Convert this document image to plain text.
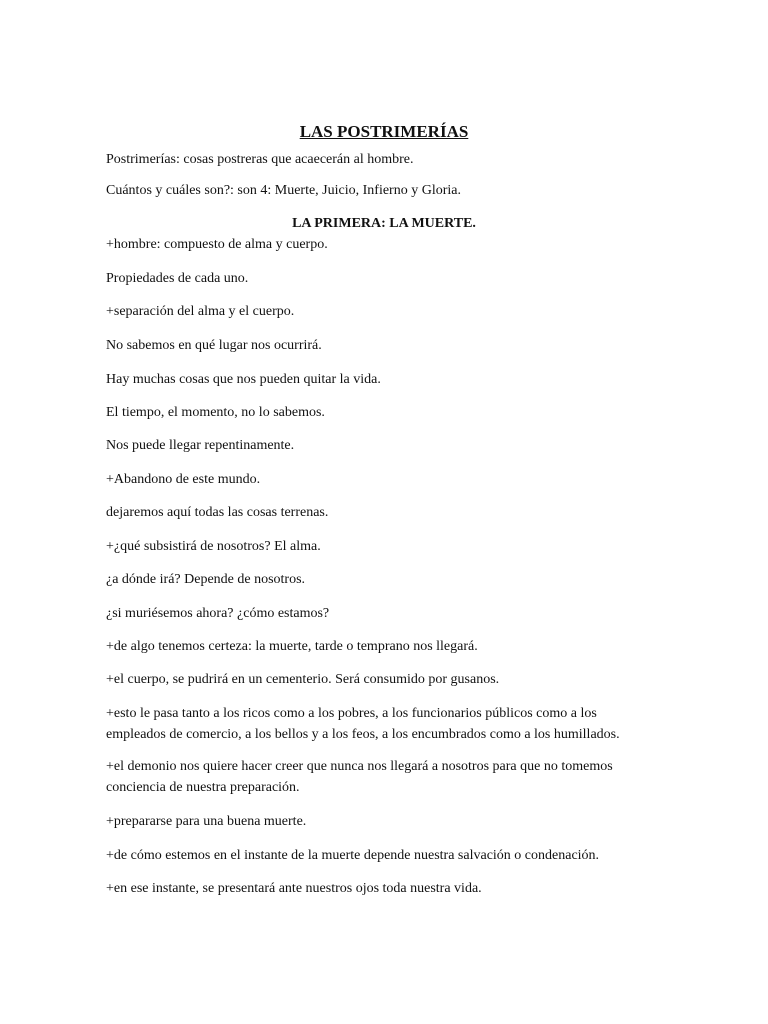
LAS POSTRIMERÍAS

Postrimerías: cosas postreras que acaecerán al hombre.

Cuántos y cuáles son?: son 4: Muerte, Juicio, Infierno y Gloria.

LA PRIMERA: LA MUERTE.

+hombre: compuesto de alma y cuerpo.

Propiedades de cada uno.

+separación del alma y el cuerpo.

No sabemos en qué lugar nos ocurrirá.

Hay muchas cosas que nos pueden quitar la vida.

El tiempo, el momento, no lo sabemos.

Nos puede llegar repentinamente.

+Abandono de este mundo.

dejaremos aquí todas las cosas terrenas.

+¿qué subsistirá de nosotros? El alma.

¿a dónde irá? Depende de nosotros.

¿si muriésemos ahora? ¿cómo estamos?

+de algo tenemos certeza: la muerte, tarde o temprano nos llegará.

+el cuerpo, se pudrirá en un cementerio. Será consumido por gusanos.

+esto le pasa tanto a los ricos como a los pobres, a los funcionarios públicos como a los
empleados de comercio, a los bellos y a los feos, a los encumbrados como a los humillados.

+el demonio nos quiere hacer creer que nunca nos llegará a nosotros para que no tomemos
conciencia de nuestra preparación.

+prepararse para una buena muerte.

+de cómo estemos en el instante de la muerte depende nuestra salvación o condenación.

+en ese instante, se presentará ante nuestros ojos toda nuestra vida.
